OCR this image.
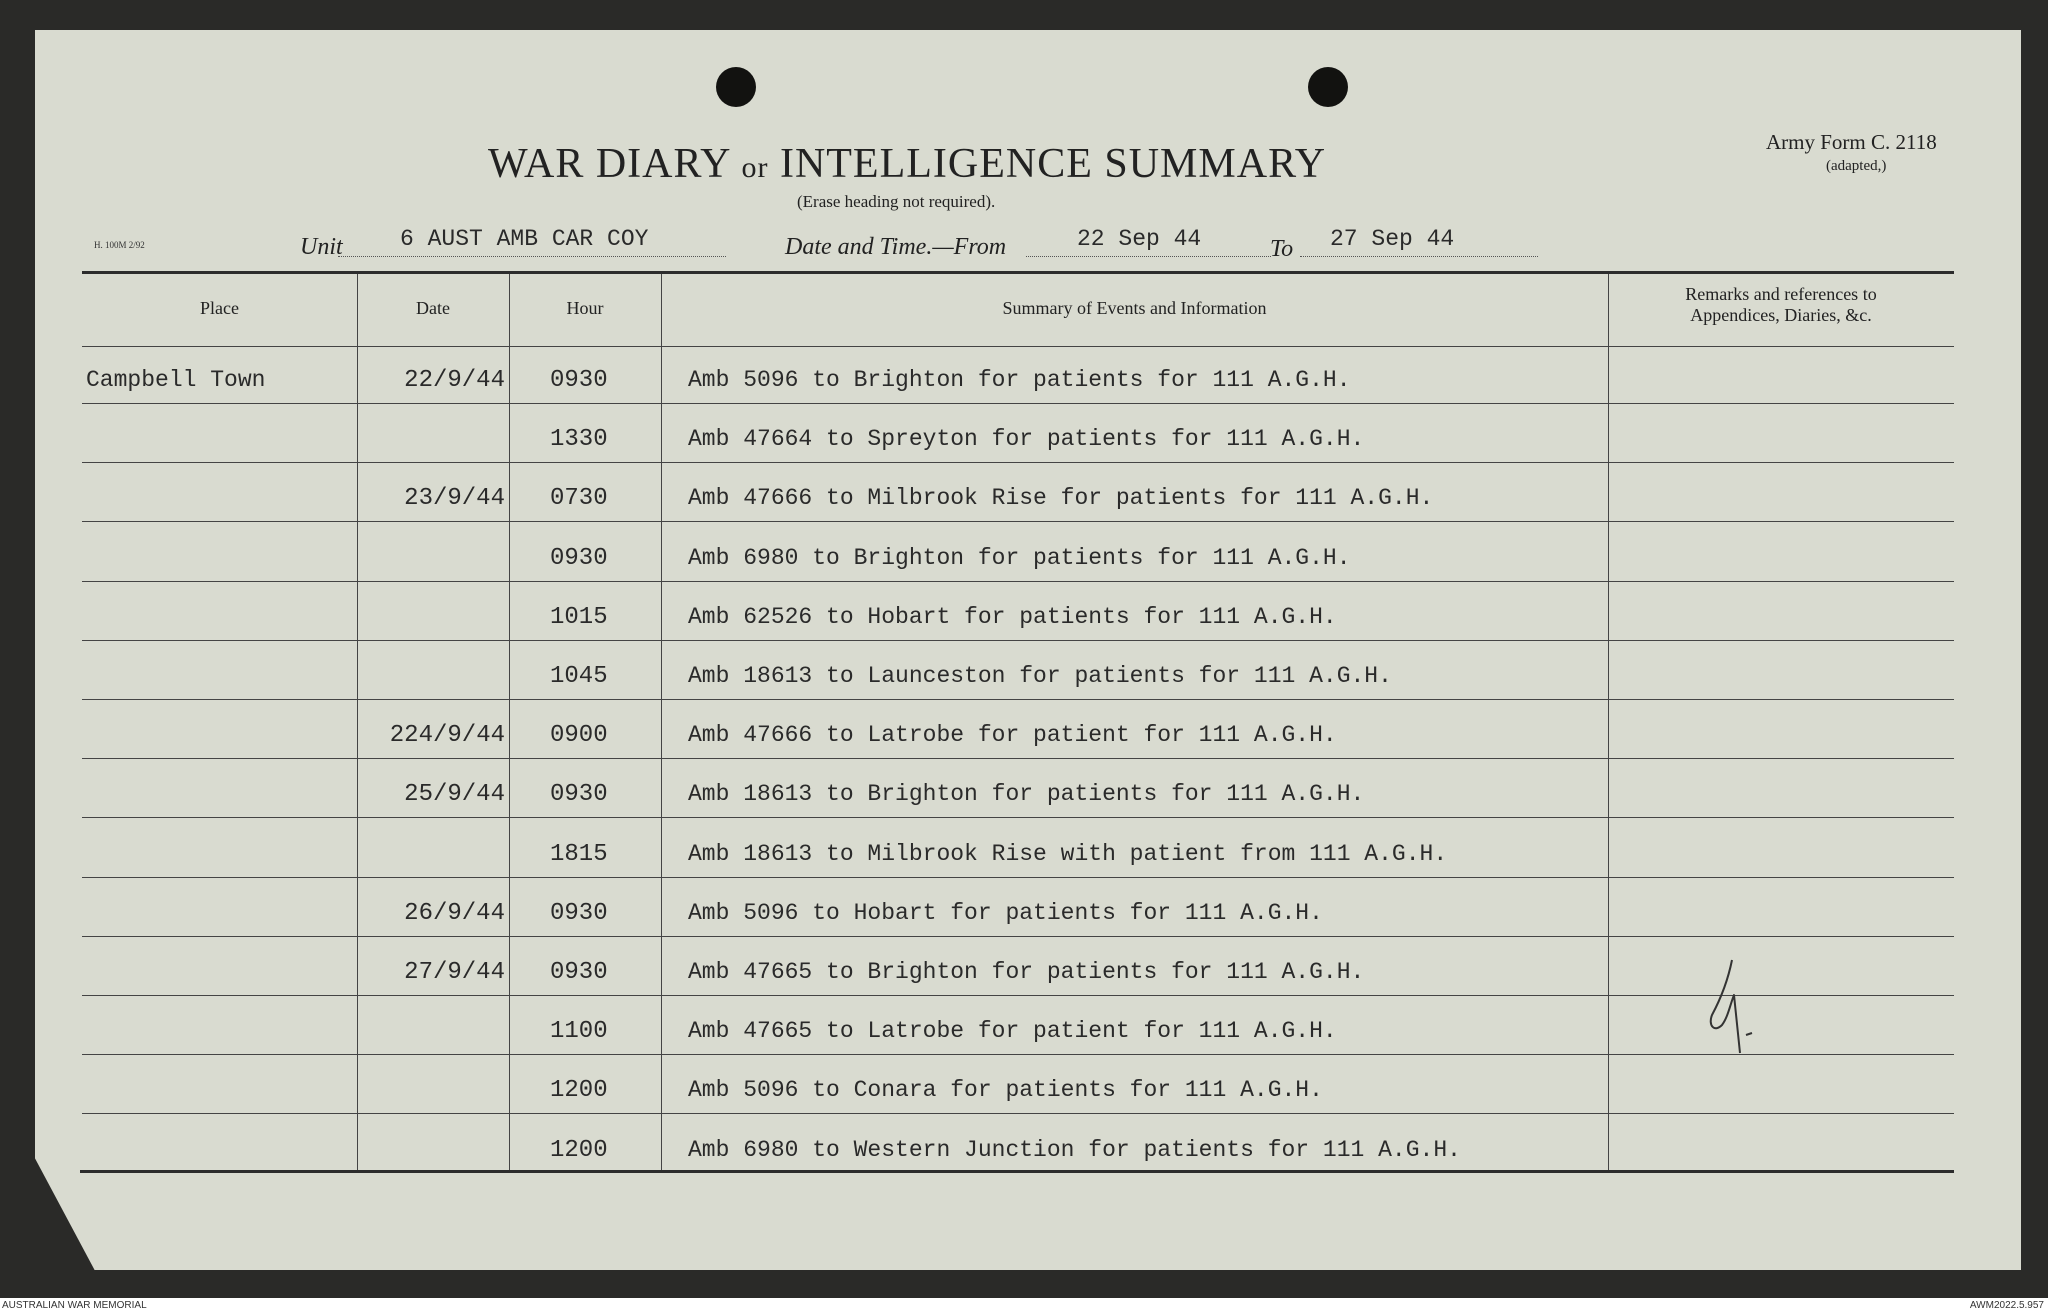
WAR DIARY or INTELLIGENCE SUMMARY
(Erase heading not required).
Army Form C. 2118
(adapted,)
H. 100M 2/92	Unit 6 AUST AMB CAR COY	Date and Time.—From	22 Sep 44	To 27 Sep 44
Place	Date	Hour	Summary of Events and Information
Remarks and references to
Appendices, Diaries, &c.
Campbell Town	22/9/44 0930	Amb 5096 to Brighton for patients for 111 A.G.H.
1330	Amb 47664 to Spreyton for patients for 111 A.G.H.
23/9/44 0730	Amb 47666 to Milbrook Rise for patients for 111 A.G.H.
0930	Amb 6980 to Brighton for patients for 111 A.G.H.
1015	Amb 62526 to Hobart for patients for 111 A.G.H.
1045	Amb 18613 to Launceston for patients for 111 A.G.H.
224/9/44 0900	Amb 47666 to Latrobe for patient for 111 A.G.H.
25/9/44 0930	Amb 18613 to Brighton for patients for 111 A.G.H.
1815	Amb 18613 to Milbrook Rise with patient from 111 A.G.H.
26/9/44 0930	Amb 5096 to Hobart for patients for 111 A.G.H.
27/9/44 0930	Amb 47665 to Brighton for patients for 111 A.G.H.
1100	Amb 47665 to Latrobe for patient for 111 A.G.H.
1200	Amb 5096 to Conara for patients for 111 A.G.H.
1200	Amb 6980 to Western Junction for patients for 111 A.G.H.
AUSTRALIAN WAR MEMORIAL	AWM2022.5.957
